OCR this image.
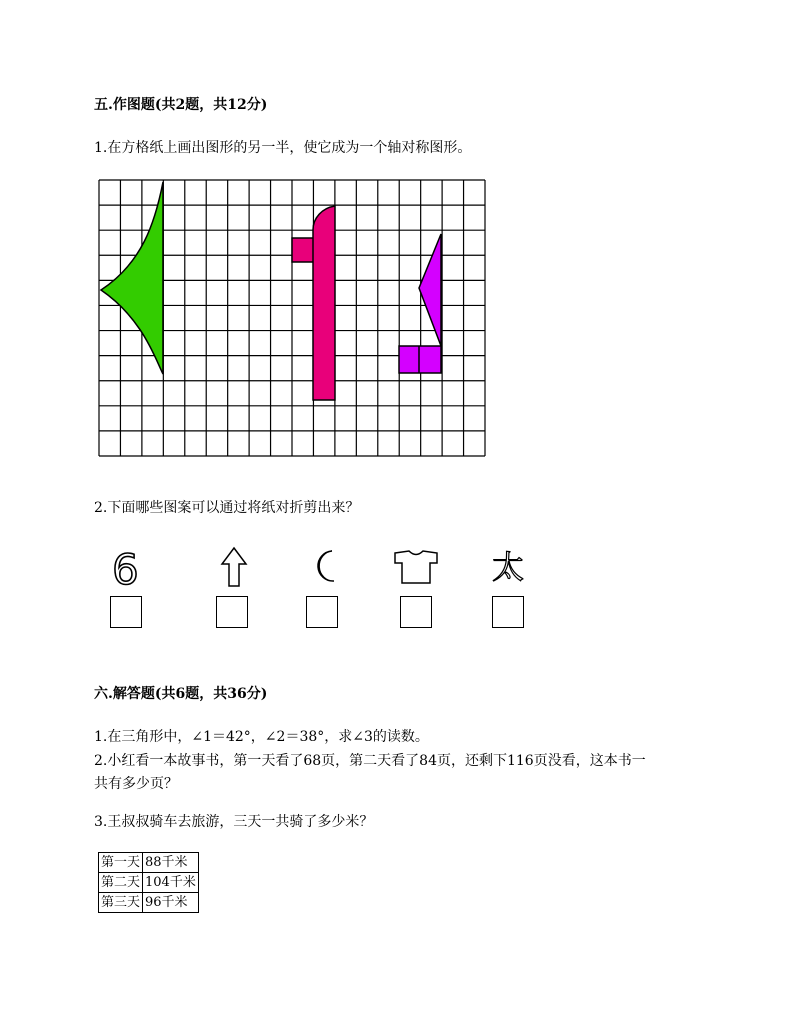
五.作图题(共2题，共12分)
1.在方格纸上画出图形的另一半，使它成为一个轴对称图形。
2.下面哪些图案可以通过将纸对折剪出来？
6	太
六.解答题(共6题，共36分)
1.在三角形中，∠1＝42°，∠2＝38°，求∠3的读数。
2.小红看一本故事书，第一天看了68页，第二天看了84页，还剩下116页没看，这本书一
共有多少页？
3.王叔叔骑车去旅游，三天一共骑了多少米？
第一天	88千米
第二天	104千米
第三天	96千米
